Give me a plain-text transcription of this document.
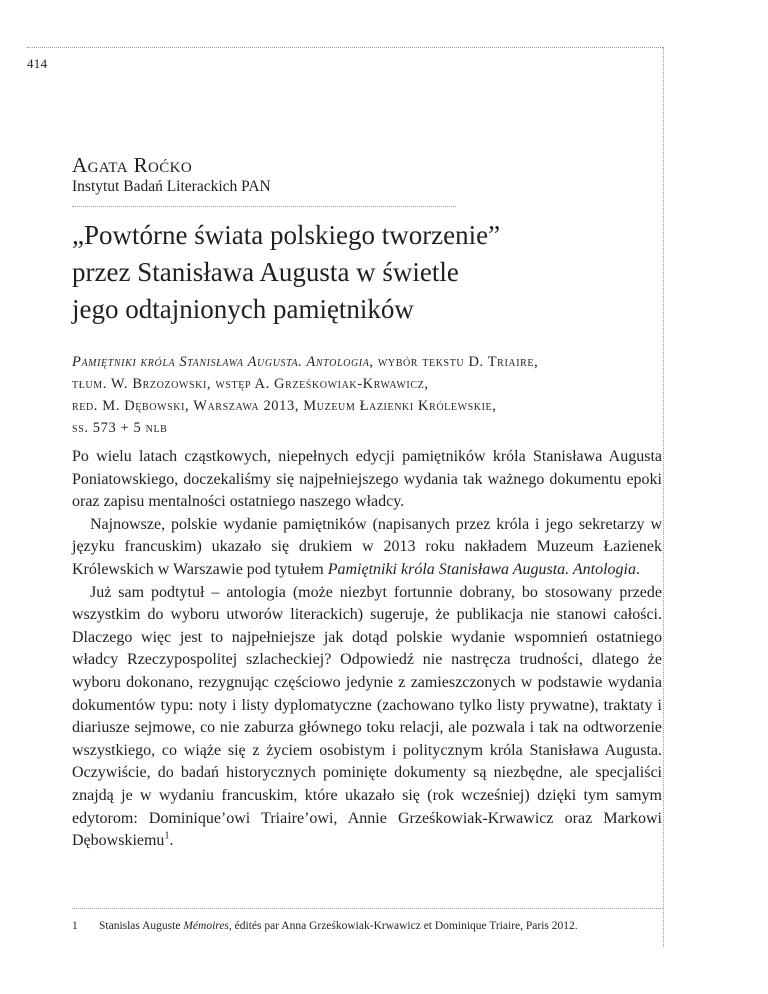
414
Agata Roćko
Instytut Badań Literackich PAN
„Powtórne świata polskiego tworzenie”
przez Stanisława Augusta w świetle
jego odtajnionych pamiętników
Pamiętniki króla Stanisława Augusta. Antologia, wybór tekstu D. Triaire,
tłum. W. Brzozowski, wstęp A. Grześkowiak-Krwawicz,
red. M. Dębowski, Warszawa 2013, Muzeum Łazienki Królewskie,
ss. 573 + 5 nlb

Po wielu latach cząstkowych, niepełnych edycji pamiętników króla Stanisława Augusta Poniatowskiego, doczekaliśmy się najpełniejszego wydania tak ważnego dokumentu epoki oraz zapisu mentalności ostatniego naszego władcy.

Najnowsze, polskie wydanie pamiętników (napisanych przez króla i jego sekretarzy w języku francuskim) ukazało się drukiem w 2013 roku nakładem Muzeum Łazienek Królewskich w Warszawie pod tytułem Pamiętniki króla Stanisława Augusta. Antologia.

Już sam podtytuł – antologia (może niezbyt fortunnie dobrany, bo stosowany przede wszystkim do wyboru utworów literackich) sugeruje, że publikacja nie stanowi całości. Dlaczego więc jest to najpełniejsze jak dotąd polskie wydanie wspomnień ostatniego władcy Rzeczypospolitej szlacheckiej? Odpowiedź nie nastręcza trudności, dlatego że wyboru dokonano, rezygnując częściowo jedynie z zamieszczonych w podstawie wydania dokumentów typu: noty i listy dyplomatyczne (zachowano tylko listy prywatne), traktaty i diariusze sejmowe, co nie zaburza głównego toku relacji, ale pozwala i tak na odtworzenie wszystkiego, co wiąże się z życiem osobistym i politycznym króla Stanisława Augusta. Oczywiście, do badań historycznych pominięte dokumenty są niezbędne, ale specjaliści znajdą je w wydaniu francuskim, które ukazało się (rok wcześniej) dzięki tym samym edytorom: Dominique’owi Triaire’owi, Annie Grześkowiak-Krwawicz oraz Markowi Dębowskiemu$^1$.

1 Stanislas Auguste Mémoires, édités par Anna Grześkowiak-Krwawicz et Dominique Triaire, Paris 2012.
